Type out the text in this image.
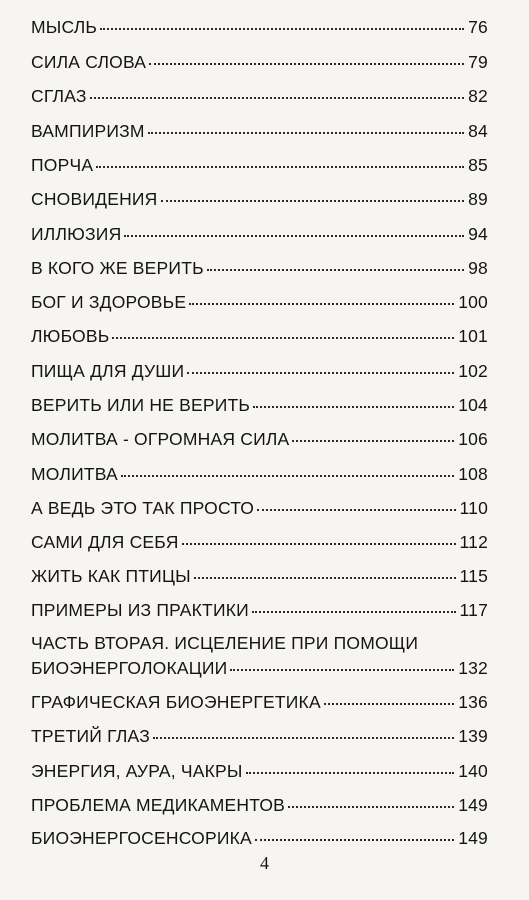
МЫСЛЬ	76
СИЛА СЛОВА	79
СГЛАЗ	82
ВАМПИРИЗМ	84
ПОРЧА	85
СНОВИДЕНИЯ	89
ИЛЛЮЗИЯ	94
В КОГО ЖЕ ВЕРИТЬ	98
БОГ И ЗДОРОВЬЕ	100
ЛЮБОВЬ	101
ПИЩА ДЛЯ ДУШИ	102
ВЕРИТЬ ИЛИ НЕ ВЕРИТЬ	104
МОЛИТВА - ОГРОМНАЯ СИЛА	106
МОЛИТВА	108
А ВЕДЬ ЭТО ТАК ПРОСТО	110
САМИ ДЛЯ СЕБЯ	112
ЖИТЬ КАК ПТИЦЫ	115
ПРИМЕРЫ ИЗ ПРАКТИКИ	117
ЧАСТЬ ВТОРАЯ. ИСЦЕЛЕНИЕ ПРИ ПОМОЩИ
БИОЭНЕРГОЛОКАЦИИ	132
ГРАФИЧЕСКАЯ БИОЭНЕРГЕТИКА	136
ТРЕТИЙ ГЛАЗ	139
ЭНЕРГИЯ, АУРА, ЧАКРЫ	140
ПРОБЛЕМА МЕДИКАМЕНТОВ	149
БИОЭНЕРГОСЕНСОРИКА	149
4
